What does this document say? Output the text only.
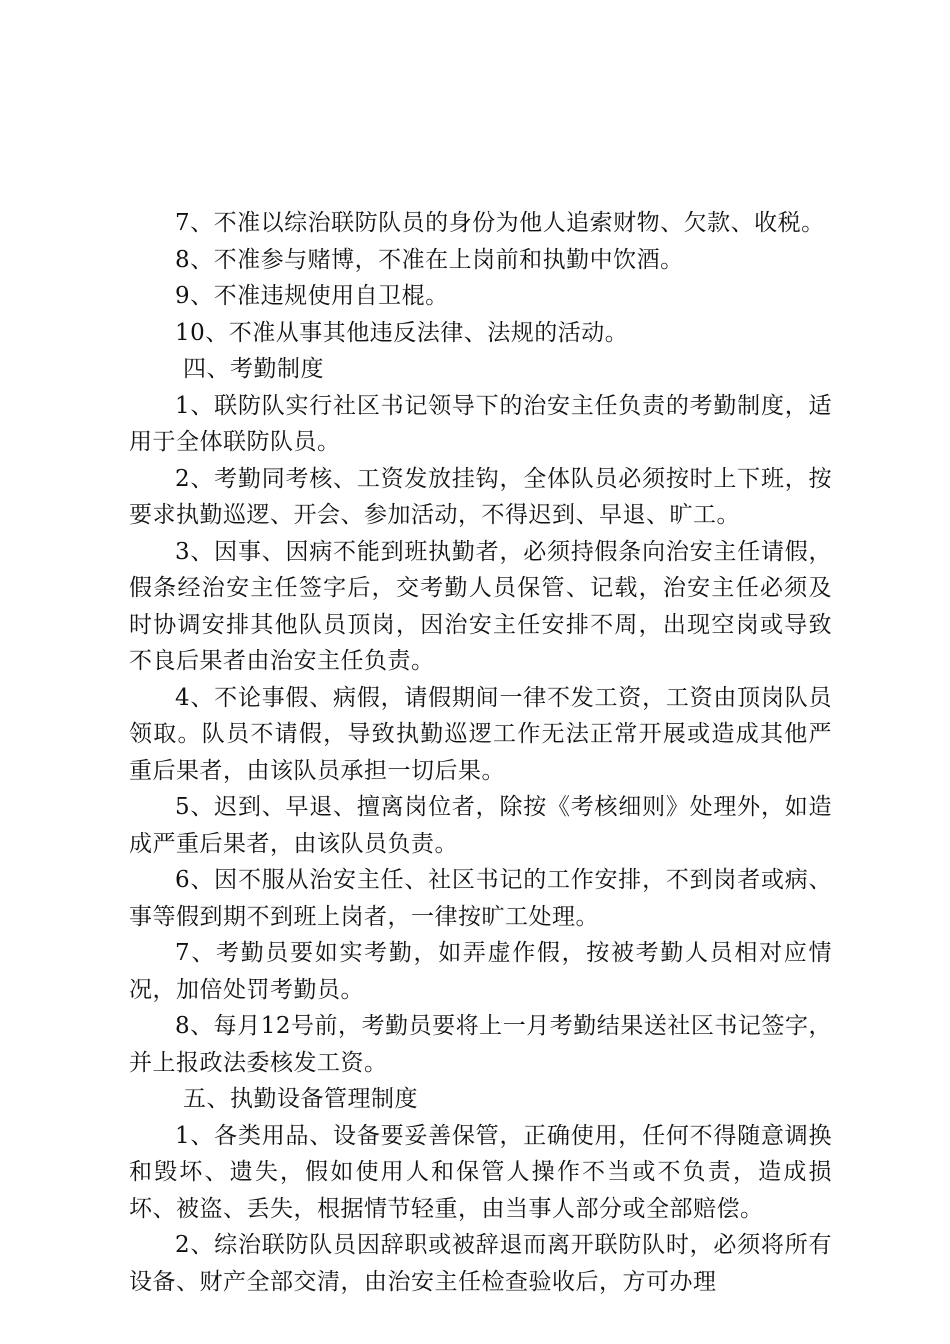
7、不准以综治联防队员的身份为他人追索财物、欠款、收税。

8、不准参与赌博，不准在上岗前和执勤中饮酒。

9、不准违规使用自卫棍。

10、不准从事其他违反法律、法规的活动。

四、考勤制度

1、联防队实行社区书记领导下的治安主任负责的考勤制度，适用于全体联防队员。

2、考勤同考核、工资发放挂钩，全体队员必须按时上下班，按要求执勤巡逻、开会、参加活动，不得迟到、早退、旷工。

3、因事、因病不能到班执勤者，必须持假条向治安主任请假，假条经治安主任签字后，交考勤人员保管、记载，治安主任必须及时协调安排其他队员顶岗，因治安主任安排不周，出现空岗或导致不良后果者由治安主任负责。

4、不论事假、病假，请假期间一律不发工资，工资由顶岗队员领取。队员不请假，导致执勤巡逻工作无法正常开展或造成其他严重后果者，由该队员承担一切后果。

5、迟到、早退、擅离岗位者，除按《考核细则》处理外，如造成严重后果者，由该队员负责。

6、因不服从治安主任、社区书记的工作安排，不到岗者或病、事等假到期不到班上岗者，一律按旷工处理。

7、考勤员要如实考勤，如弄虚作假，按被考勤人员相对应情况，加倍处罚考勤员。

8、每月12号前，考勤员要将上一月考勤结果送社区书记签字，并上报政法委核发工资。

五、执勤设备管理制度

1、各类用品、设备要妥善保管，正确使用，任何不得随意调换和毁坏、遗失，假如使用人和保管人操作不当或不负责，造成损坏、被盗、丢失，根据情节轻重，由当事人部分或全部赔偿。

2、综治联防队员因辞职或被辞退而离开联防队时，必须将所有设备、财产全部交清，由治安主任检查验收后，方可办理
